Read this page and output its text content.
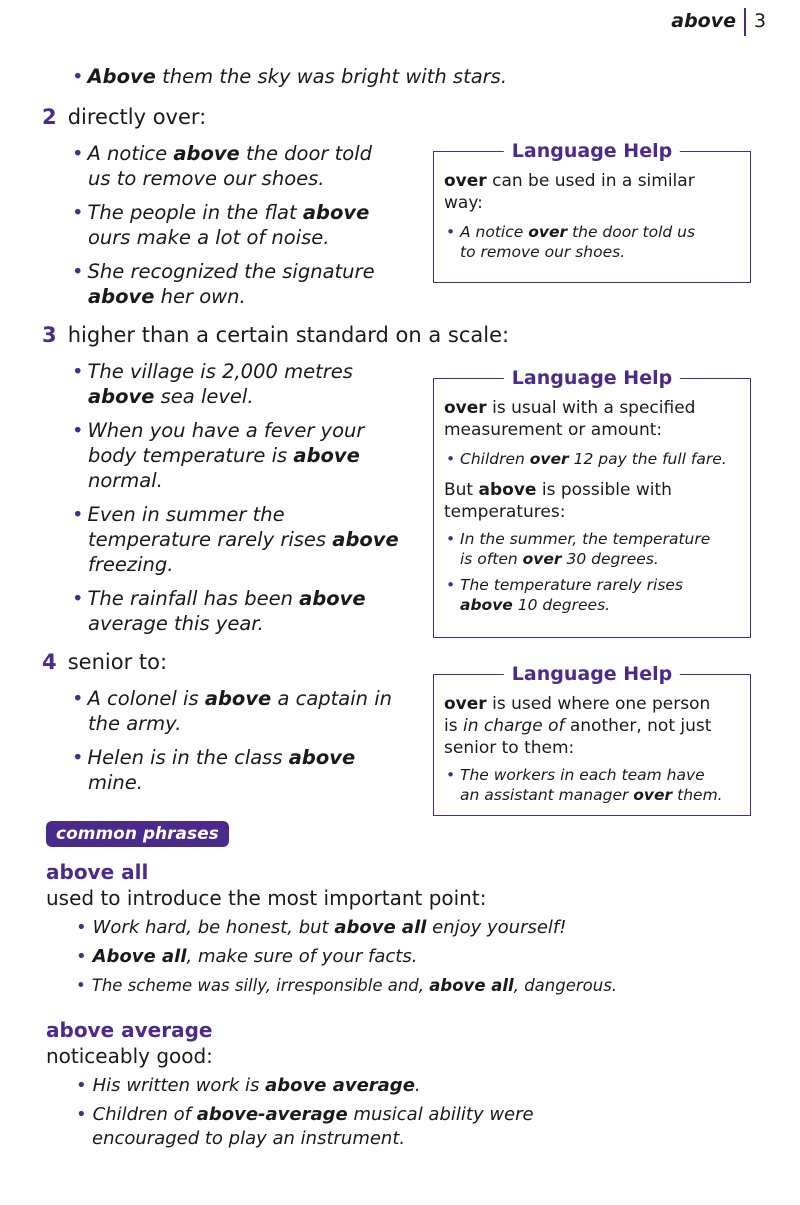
above 3
• Above them the sky was bright with stars.
2 directly over:
• A notice above the door told
us to remove our shoes.
• The people in the flat above
ours make a lot of noise.
• She recognized the signature
above her own.
Language Help
over can be used in a similar
way:
• A notice over the door told us
to remove our shoes.
3 higher than a certain standard on a scale:
• The village is 2,000 metres
above sea level.
• When you have a fever your
body temperature is above
normal.
• Even in summer the
temperature rarely rises above
freezing.
• The rainfall has been above
average this year.
Language Help
over is usual with a specified
measurement or amount:
• Children over 12 pay the full fare.
But above is possible with
temperatures:
• In the summer, the temperature
is often over 30 degrees.
• The temperature rarely rises
above 10 degrees.
4 senior to:
• A colonel is above a captain in
the army.
• Helen is in the class above
mine.
Language Help
over is used where one person
is in charge of another, not just
senior to them:
• The workers in each team have
an assistant manager over them.
common phrases
above all
used to introduce the most important point:
• Work hard, be honest, but above all enjoy yourself!
• Above all, make sure of your facts.
• The scheme was silly, irresponsible and, above all, dangerous.
above average
noticeably good:
• His written work is above average.
• Children of above-average musical ability were
encouraged to play an instrument.
